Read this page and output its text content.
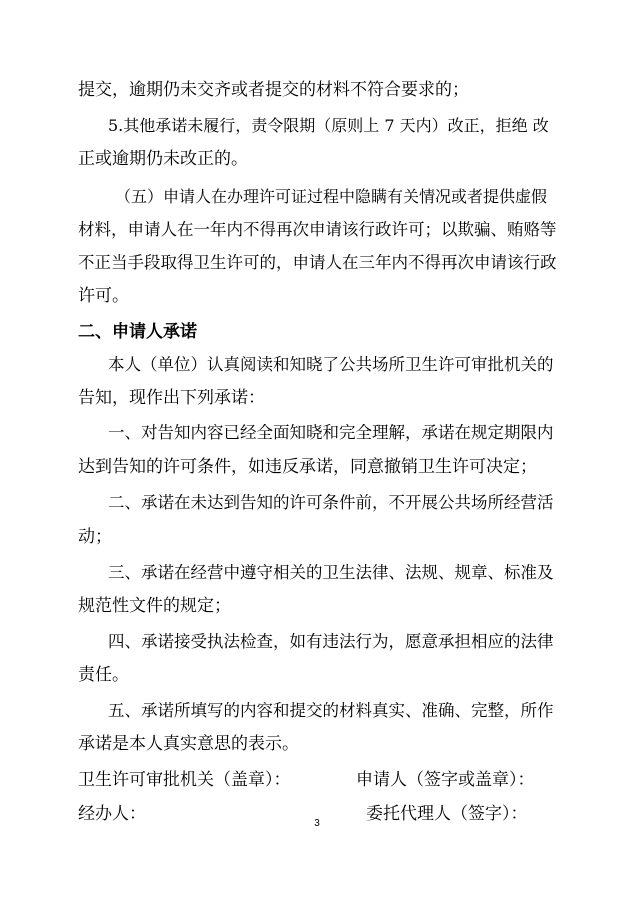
提交，逾期仍未交齐或者提交的材料不符合要求的；
5.其他承诺未履行，责令限期（原则上 7 天内）改正，拒绝 改
正或逾期仍未改正的。
（五）申请人在办理许可证过程中隐瞒有关情况或者提供虚假
材料，申请人在一年内不得再次申请该行政许可；以欺骗、贿赂等
不正当手段取得卫生许可的，申请人在三年内不得再次申请该行政
许可。
二、申请人承诺
本人（单位）认真阅读和知晓了公共场所卫生许可审批机关的
告知，现作出下列承诺：
一、对告知内容已经全面知晓和完全理解，承诺在规定期限内
达到告知的许可条件，如违反承诺，同意撤销卫生许可决定；
二、承诺在未达到告知的许可条件前，不开展公共场所经营活
动；
三、承诺在经营中遵守相关的卫生法律、法规、规章、标准及
规范性文件的规定；
四、承诺接受执法检查，如有违法行为，愿意承担相应的法律
责任。
五、承诺所填写的内容和提交的材料真实、准确、完整，所作
承诺是本人真实意思的表示。
卫生许可审批机关（盖章）：	申请人（签字或盖章）：
经办人：	委托代理人（签字）：
3
